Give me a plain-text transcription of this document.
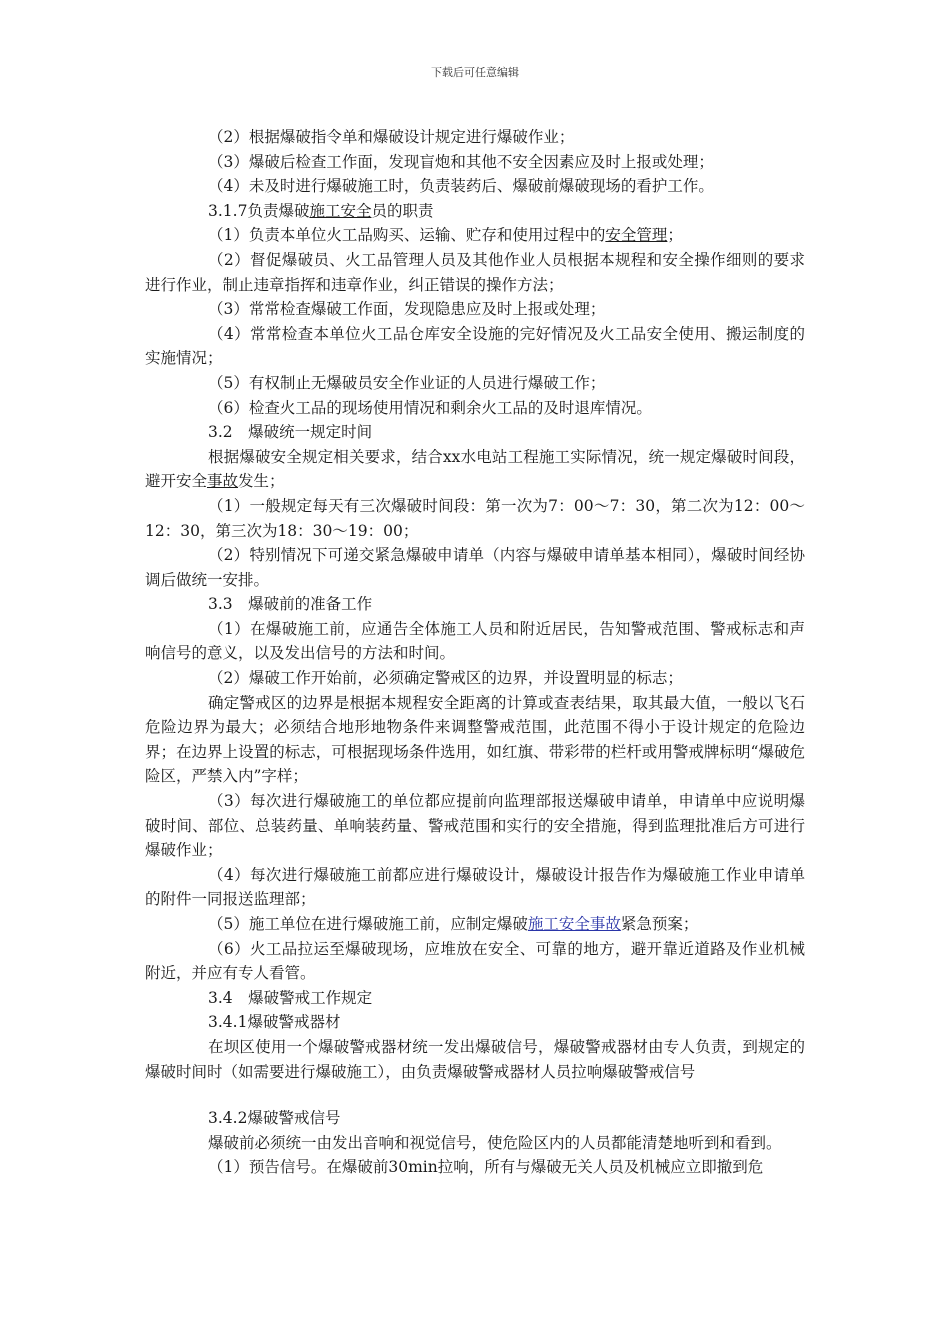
下载后可任意编辑

（2）根据爆破指令单和爆破设计规定进行爆破作业；

（3）爆破后检查工作面，发现盲炮和其他不安全因素应及时上报或处理；

（4）未及时进行爆破施工时，负责装药后、爆破前爆破现场的看护工作。

3.1.7负责爆破施工安全员的职责

（1）负责本单位火工品购买、运输、贮存和使用过程中的安全管理；

（2）督促爆破员、火工品管理人员及其他作业人员根据本规程和安全操作细则的要求进行作业，制止违章指挥和违章作业，纠正错误的操作方法；

（3）常常检查爆破工作面，发现隐患应及时上报或处理；

（4）常常检查本单位火工品仓库安全设施的完好情况及火工品安全使用、搬运制度的实施情况；

（5）有权制止无爆破员安全作业证的人员进行爆破工作；

（6）检查火工品的现场使用情况和剩余火工品的及时退库情况。

3.2　爆破统一规定时间

根据爆破安全规定相关要求，结合xx水电站工程施工实际情况，统一规定爆破时间段，避开安全事故发生；

（1）一般规定每天有三次爆破时间段：第一次为7：00～7：30，第二次为12：00～12：30，第三次为18：30～19：00；

（2）特别情况下可递交紧急爆破申请单（内容与爆破申请单基本相同），爆破时间经协调后做统一安排。

3.3　爆破前的准备工作

（1）在爆破施工前，应通告全体施工人员和附近居民，告知警戒范围、警戒标志和声响信号的意义，以及发出信号的方法和时间。

（2）爆破工作开始前，必须确定警戒区的边界，并设置明显的标志；

确定警戒区的边界是根据本规程安全距离的计算或查表结果，取其最大值，一般以飞石危险边界为最大；必须结合地形地物条件来调整警戒范围，此范围不得小于设计规定的危险边界；在边界上设置的标志，可根据现场条件选用，如红旗、带彩带的栏杆或用警戒牌标明“爆破危险区，严禁入内”字样；

（3）每次进行爆破施工的单位都应提前向监理部报送爆破申请单，申请单中应说明爆破时间、部位、总装药量、单响装药量、警戒范围和实行的安全措施，得到监理批准后方可进行爆破作业；

（4）每次进行爆破施工前都应进行爆破设计，爆破设计报告作为爆破施工作业申请单的附件一同报送监理部；

（5）施工单位在进行爆破施工前，应制定爆破施工安全事故紧急预案；

（6）火工品拉运至爆破现场，应堆放在安全、可靠的地方，避开靠近道路及作业机械附近，并应有专人看管。

3.4　爆破警戒工作规定

3.4.1爆破警戒器材

在坝区使用一个爆破警戒器材统一发出爆破信号，爆破警戒器材由专人负责，到规定的爆破时间时（如需要进行爆破施工），由负责爆破警戒器材人员拉响爆破警戒信号

3.4.2爆破警戒信号

爆破前必须统一由发出音响和视觉信号，使危险区内的人员都能清楚地听到和看到。

（1）预告信号。在爆破前30min拉响，所有与爆破无关人员及机械应立即撤到危
